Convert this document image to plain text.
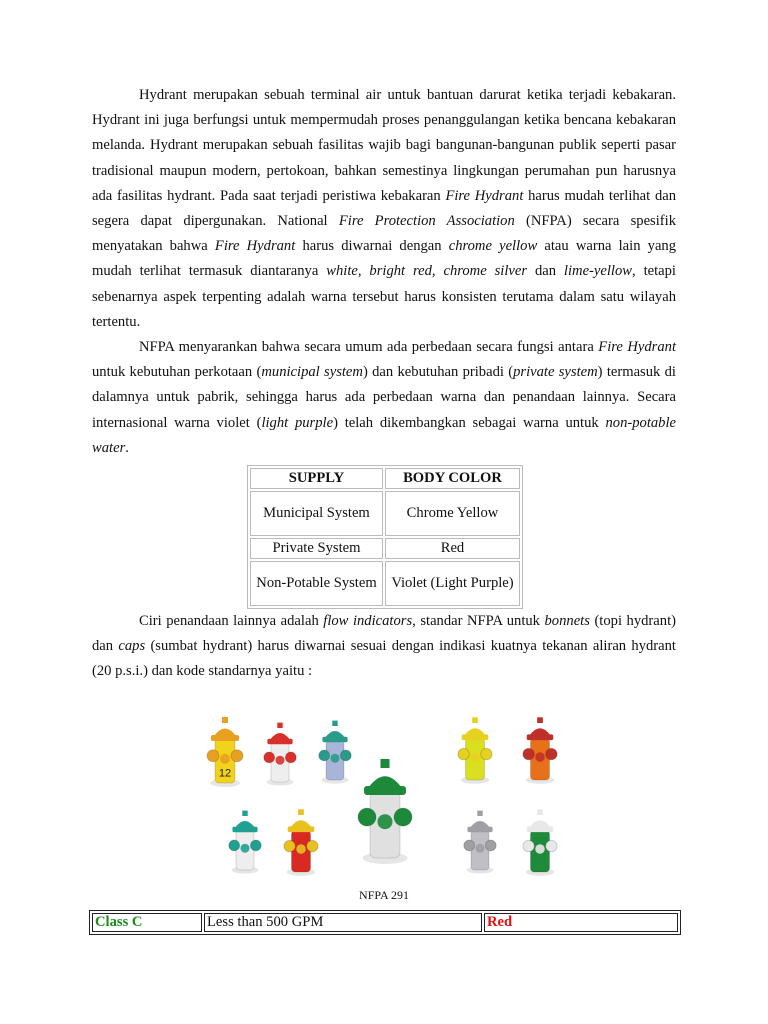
Hydrant merupakan sebuah terminal air untuk bantuan darurat ketika terjadi kebakaran. Hydrant ini juga berfungsi untuk mempermudah proses penanggulangan ketika bencana kebakaran melanda. Hydrant merupakan sebuah fasilitas wajib bagi bangunan-bangunan publik seperti pasar tradisional maupun modern, pertokoan, bahkan semestinya lingkungan perumahan pun harusnya ada fasilitas hydrant. Pada saat terjadi peristiwa kebakaran Fire Hydrant harus mudah terlihat dan segera dapat dipergunakan. National Fire Protection Association (NFPA) secara spesifik menyatakan bahwa Fire Hydrant harus diwarnai dengan chrome yellow atau warna lain yang mudah terlihat termasuk diantaranya white, bright red, chrome silver dan lime-yellow, tetapi sebenarnya aspek terpenting adalah warna tersebut harus konsisten terutama dalam satu wilayah tertentu.

NFPA menyarankan bahwa secara umum ada perbedaan secara fungsi antara Fire Hydrant untuk kebutuhan perkotaan (municipal system) dan kebutuhan pribadi (private system) termasuk di dalamnya untuk pabrik, sehingga harus ada perbedaan warna dan penandaan lainnya. Secara internasional warna violet (light purple) telah dikembangkan sebagai warna untuk non-potable water.

SUPPLY	BODY COLOR
Municipal System	Chrome Yellow
Private System	Red
Non-Potable System	Violet (Light Purple)

Ciri penandaan lainnya adalah flow indicators, standar NFPA untuk bonnets (topi hydrant) dan caps (sumbat hydrant) harus diwarnai sesuai dengan indikasi kuatnya tekanan aliran hydrant (20 p.s.i.) dan kode standarnya yaitu :

12
NFPA 291
Class C	Less than 500 GPM	Red
